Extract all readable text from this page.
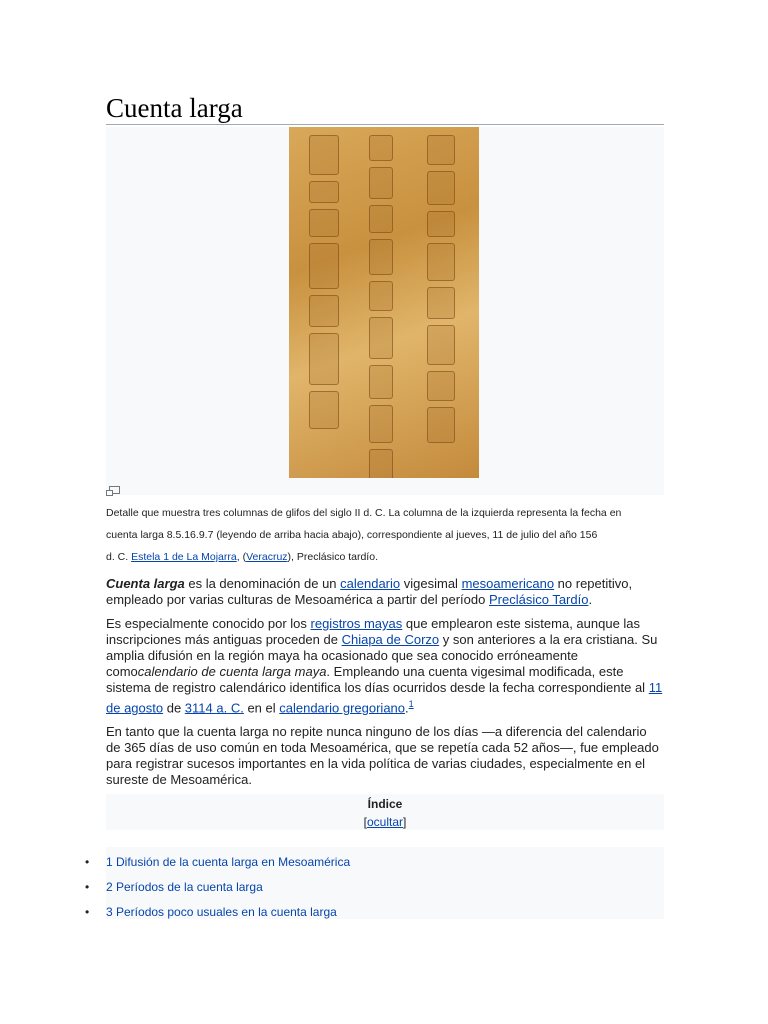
Cuenta larga
Detalle que muestra tres columnas de glifos del siglo II d. C. La columna de la izquierda representa la fecha en
cuenta larga 8.5.16.9.7 (leyendo de arriba hacia abajo), correspondiente al jueves, 11 de julio del año 156
d. C. Estela 1 de La Mojarra, (Veracruz), Preclásico tardío.

Cuenta larga es la denominación de un calendario vigesimal mesoamericano no repetitivo, empleado por varias culturas de Mesoamérica a partir del período Preclásico Tardío.

Es especialmente conocido por los registros mayas que emplearon este sistema, aunque las inscripciones más antiguas proceden de Chiapa de Corzo y son anteriores a la era cristiana. Su amplia difusión en la región maya ha ocasionado que sea conocido erróneamente comocalendario de cuenta larga maya. Empleando una cuenta vigesimal modificada, este sistema de registro calendárico identifica los días ocurridos desde la fecha correspondiente al 11 de agosto de 3114 a. C. en el calendario gregoriano.$^1$

En tanto que la cuenta larga no repite nunca ninguno de los días —a diferencia del calendario de 365 días de uso común en toda Mesoamérica, que se repetía cada 52 años—, fue empleado para registrar sucesos importantes en la vida política de varias ciudades, especialmente en el sureste de Mesoamérica.

Índice
[ocultar]
• 1 Difusión de la cuenta larga en Mesoamérica
• 2 Períodos de la cuenta larga
• 3 Períodos poco usuales en la cuenta larga
